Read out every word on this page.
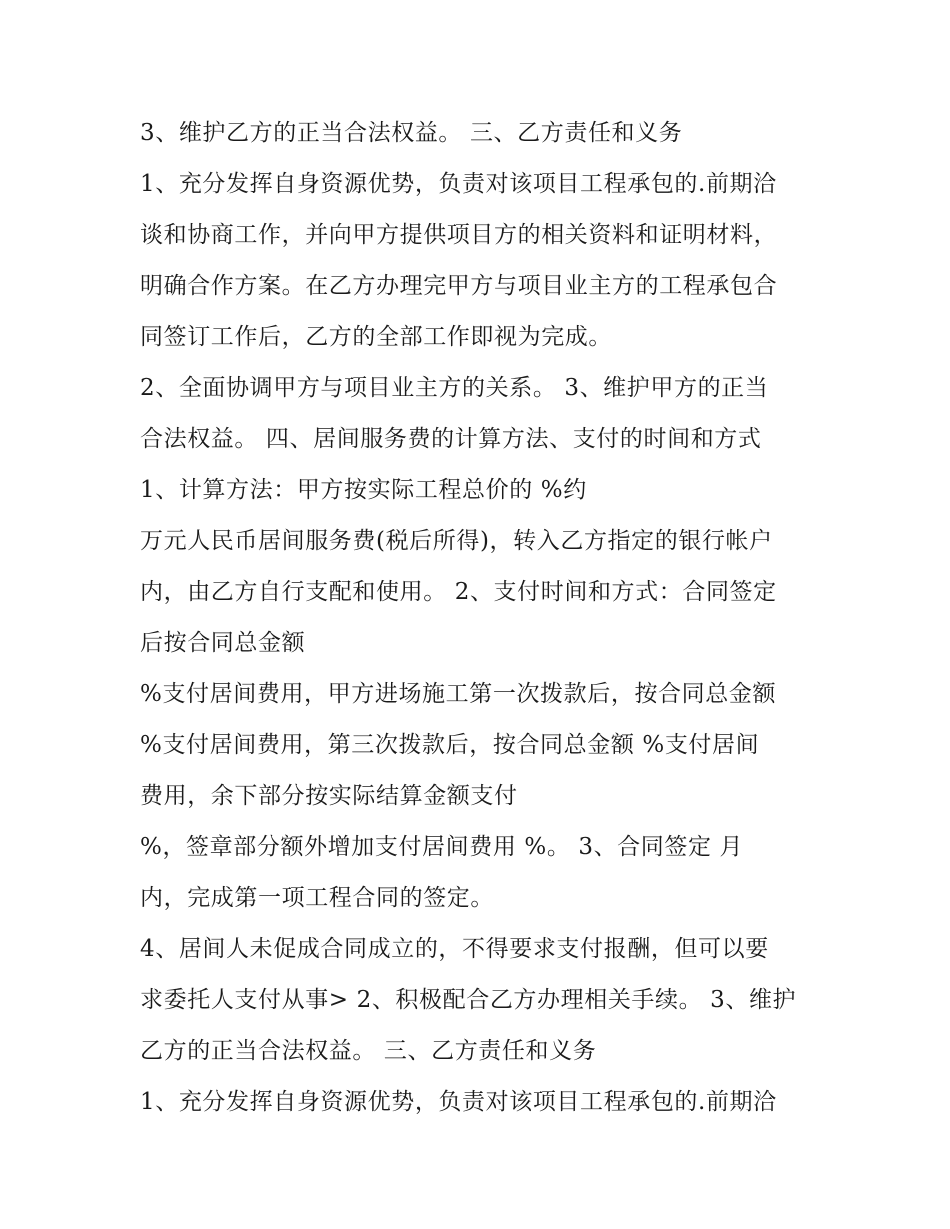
3、维护乙方的正当合法权益。 三、乙方责任和义务
1、充分发挥自身资源优势，负责对该项目工程承包的.前期洽
谈和协商工作，并向甲方提供项目方的相关资料和证明材料，
明确合作方案。在乙方办理完甲方与项目业主方的工程承包合
同签订工作后，乙方的全部工作即视为完成。
2、全面协调甲方与项目业主方的关系。 3、维护甲方的正当
合法权益。 四、居间服务费的计算方法、支付的时间和方式
1、计算方法：甲方按实际工程总价的 %约
万元人民币居间服务费(税后所得)，转入乙方指定的银行帐户
内，由乙方自行支配和使用。 2、支付时间和方式：合同签定
后按合同总金额
%支付居间费用，甲方进场施工第一次拨款后，按合同总金额
%支付居间费用，第三次拨款后，按合同总金额 %支付居间
费用，余下部分按实际结算金额支付
%，签章部分额外增加支付居间费用 %。 3、合同签定 月
内，完成第一项工程合同的签定。
4、居间人未促成合同成立的，不得要求支付报酬，但可以要
求委托人支付从事> 2、积极配合乙方办理相关手续。 3、维护
乙方的正当合法权益。 三、乙方责任和义务
1、充分发挥自身资源优势，负责对该项目工程承包的.前期洽
